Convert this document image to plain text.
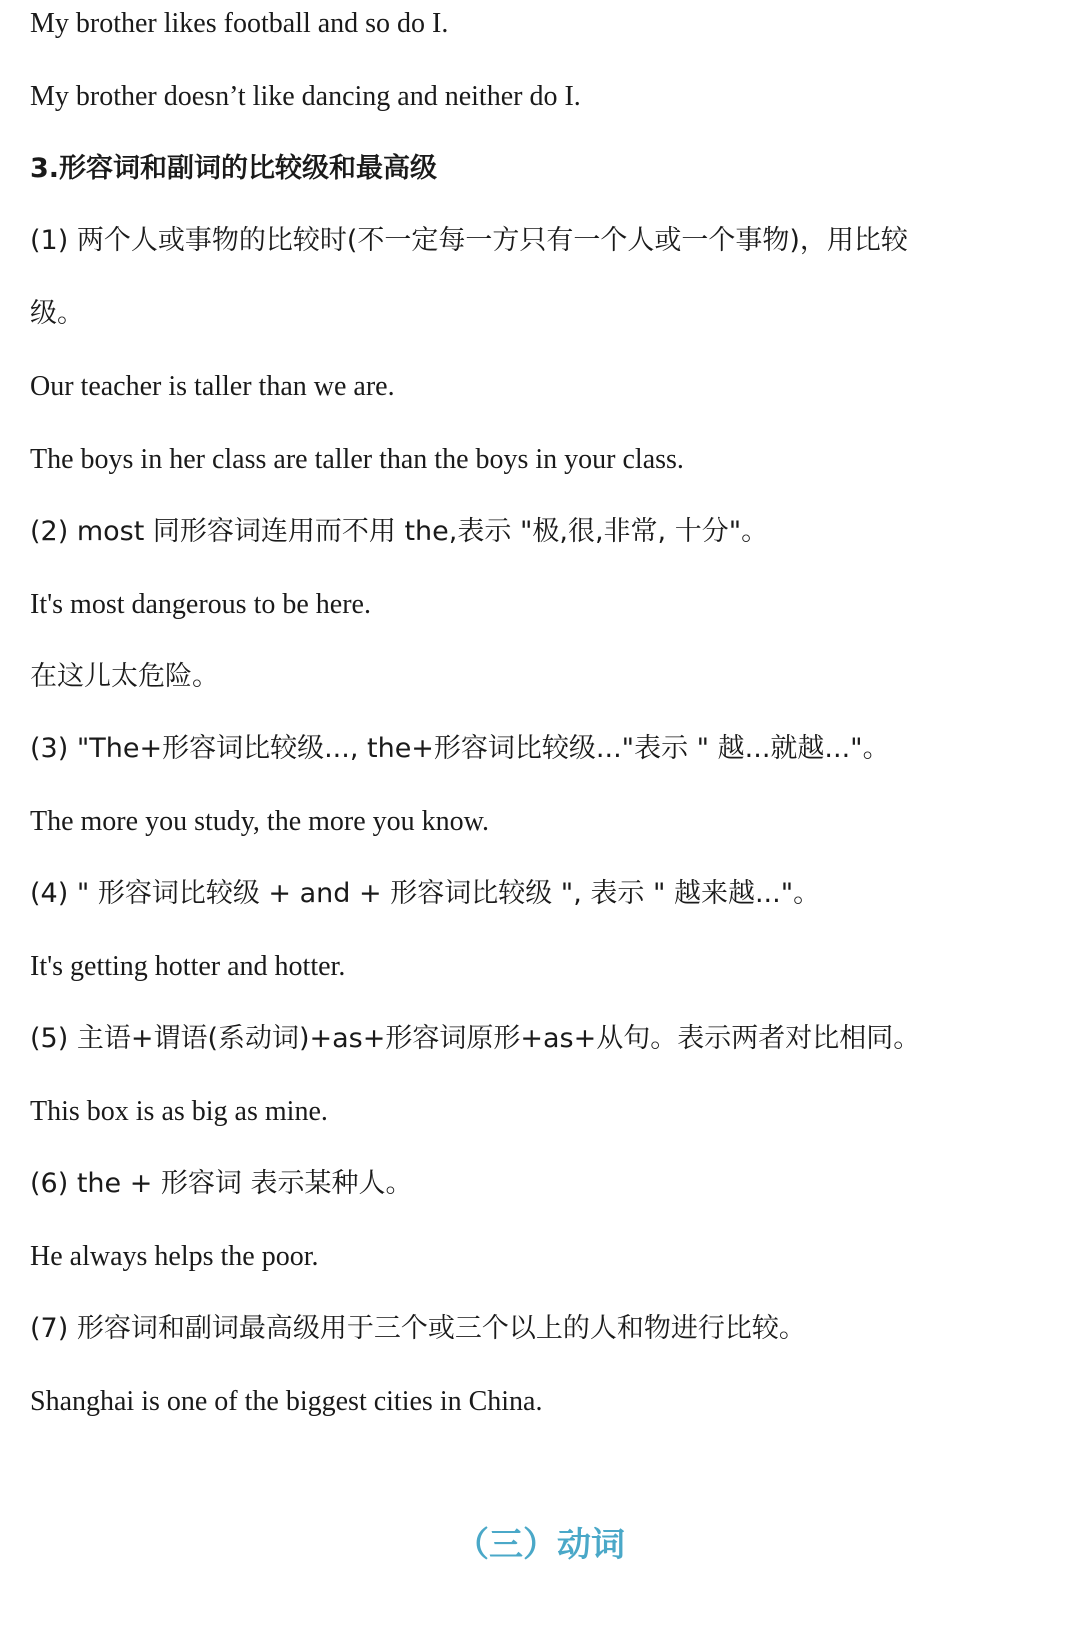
My brother likes football and so do I.
My brother doesn’t like dancing and neither do I.
3.形容词和副词的比较级和最高级
(1) 两个人或事物的比较时(不一定每一方只有一个人或一个事物)，用比较
级。
Our teacher is taller than we are.
The boys in her class are taller than the boys in your class.
(2) most 同形容词连用而不用 the,表示 "极,很,非常, 十分"。
It's most dangerous to be here.
在这儿太危险。
(3) "The+形容词比较级..., the+形容词比较级..."表示 " 越...就越..."。
The more you study, the more you know.
(4) " 形容词比较级 + and + 形容词比较级 ", 表示 " 越来越..."。
It's getting hotter and hotter.
(5) 主语+谓语(系动词)+as+形容词原形+as+从句。表示两者对比相同。
This box is as big as mine.
(6) the + 形容词 表示某种人。
He always helps the poor.
(7) 形容词和副词最高级用于三个或三个以上的人和物进行比较。
Shanghai is one of the biggest cities in China.
（三）动词
